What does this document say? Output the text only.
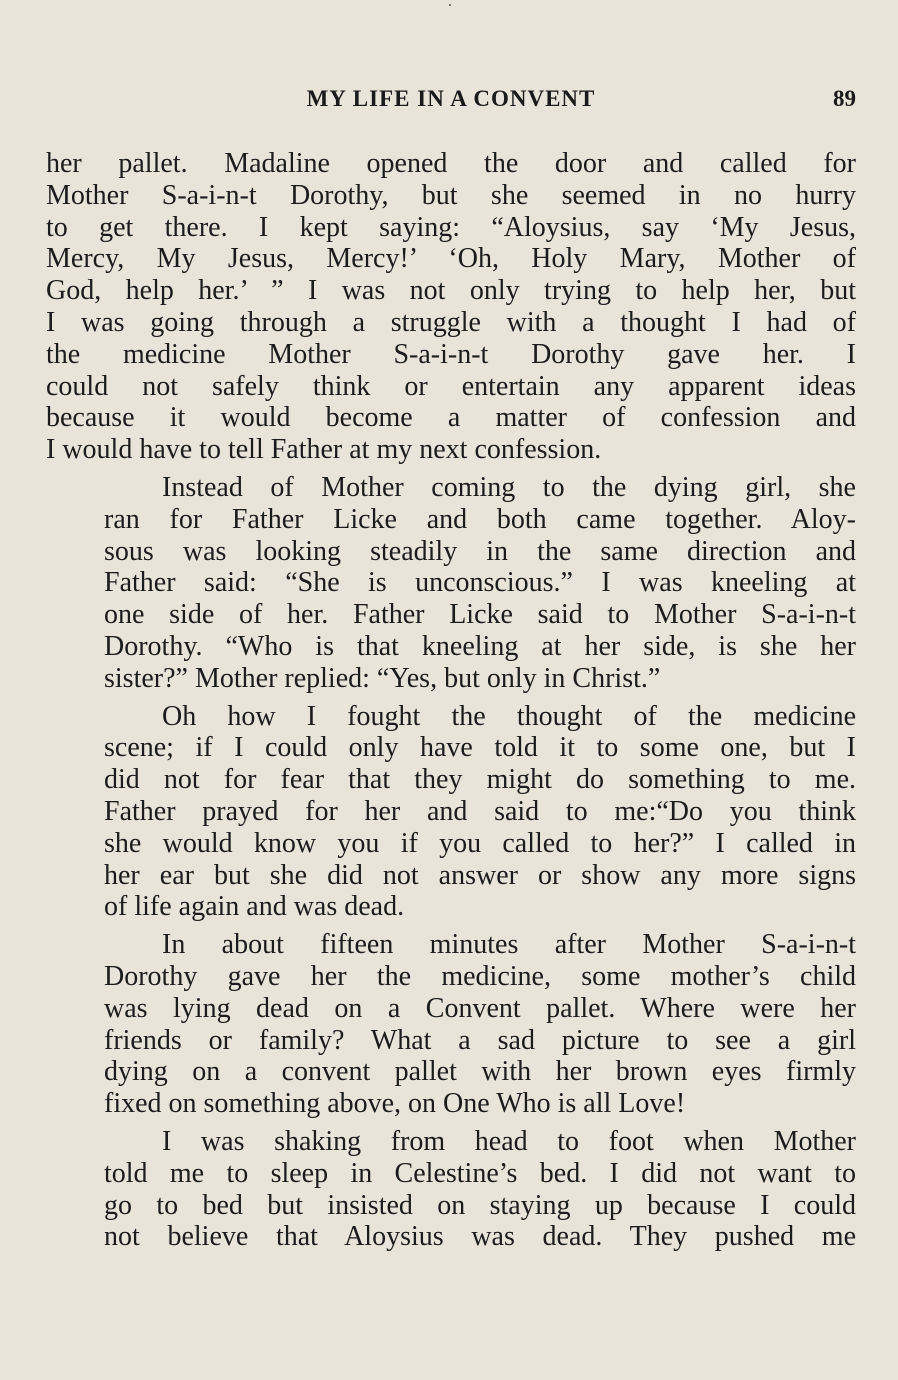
MY LIFE IN A CONVENT	89
her pallet. Madaline opened the door and called for
Mother S-a-i-n-t Dorothy, but she seemed in no hurry
to get there. I kept saying: “Aloysius, say ‘My Jesus,
Mercy, My Jesus, Mercy!’ ‘Oh, Holy Mary, Mother of
God, help her.’ ” I was not only trying to help her, but
I was going through a struggle with a thought I had of
the medicine Mother S-a-i-n-t Dorothy gave her. I
could not safely think or entertain any apparent ideas
because it would become a matter of confession and
I would have to tell Father at my next confession.
Instead of Mother coming to the dying girl, she
ran for Father Licke and both came together. Aloy-
sous was looking steadily in the same direction and
Father said: “She is unconscious.” I was kneeling at
one side of her. Father Licke said to Mother S-a-i-n-t
Dorothy. “Who is that kneeling at her side, is she her
sister?” Mother replied: “Yes, but only in Christ.”
Oh how I fought the thought of the medicine
scene; if I could only have told it to some one, but I
did not for fear that they might do something to me.
Father prayed for her and said to me:“Do you think
she would know you if you called to her?” I called in
her ear but she did not answer or show any more signs
of life again and was dead.
In about fifteen minutes after Mother S-a-i-n-t
Dorothy gave her the medicine, some mother’s child
was lying dead on a Convent pallet. Where were her
friends or family? What a sad picture to see a girl
dying on a convent pallet with her brown eyes firmly
fixed on something above, on One Who is all Love!
I was shaking from head to foot when Mother
told me to sleep in Celestine’s bed. I did not want to
go to bed but insisted on staying up because I could
not believe that Aloysius was dead. They pushed me
